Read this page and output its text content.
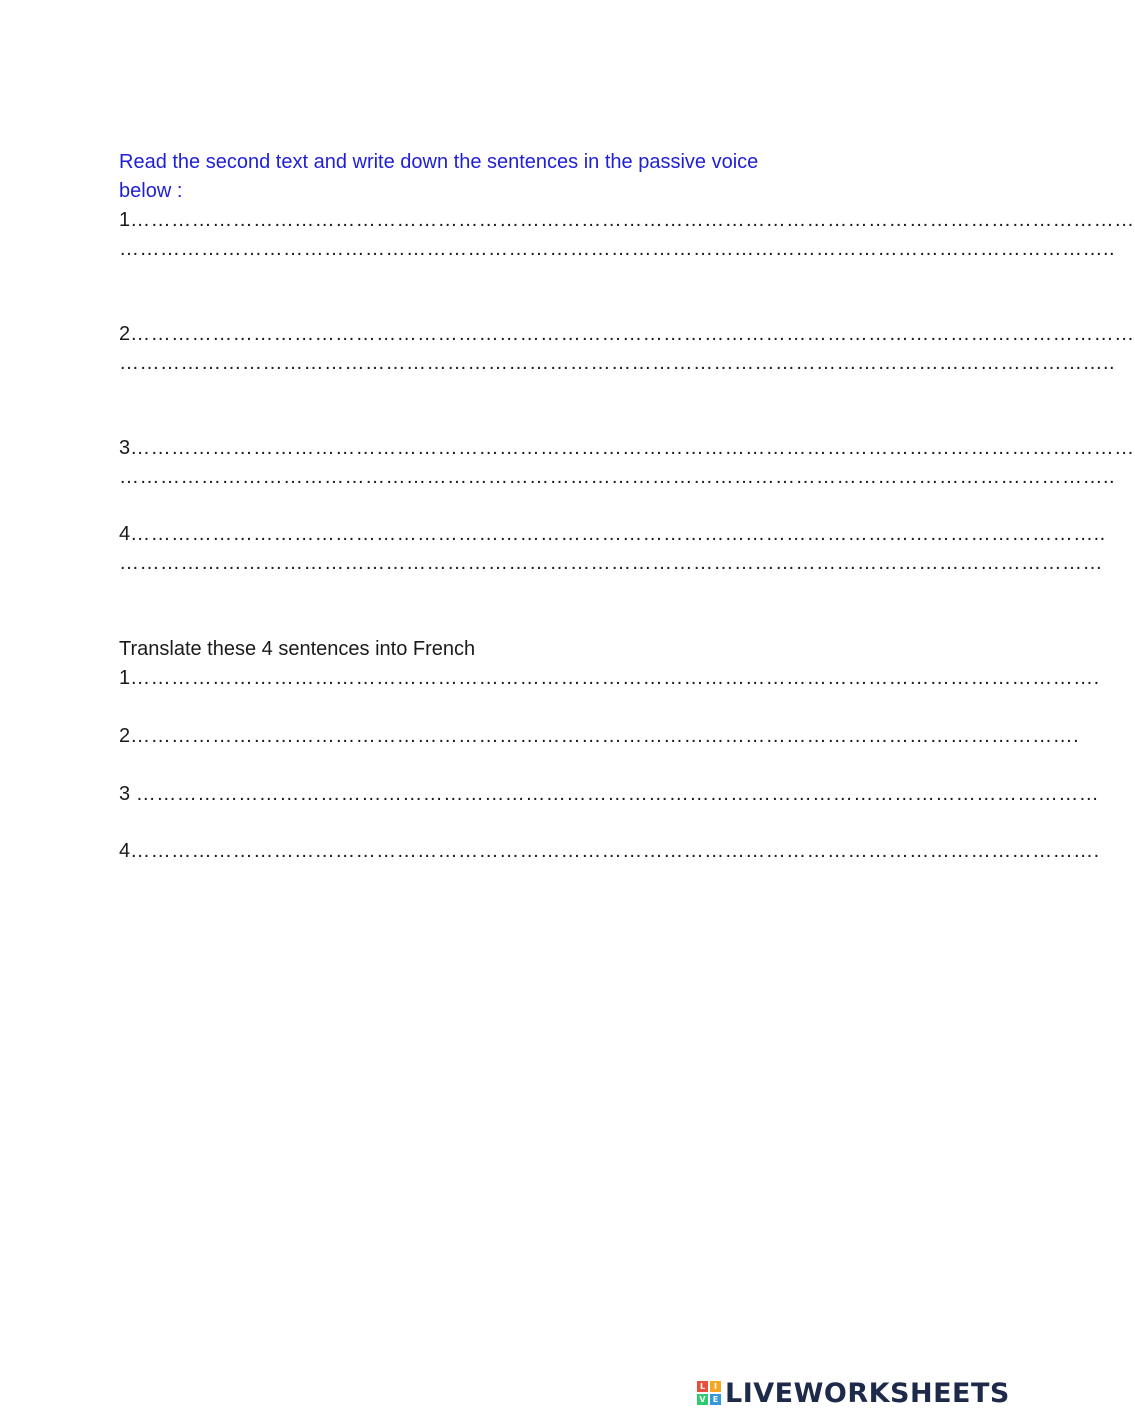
Read the second text and write down the sentences in the passive voice
below :
1…………………………………………………………………………………………………………………………………
………………………………………………………………………………………………………………………………..
2…………………………………………………………………………………………………………………………………
………………………………………………………………………………………………………………………………..
3…………………………………………………………………………………………………………………………………
………………………………………………………………………………………………………………………………..
4……………………………………………………………………………………………………………………………..
………………………………………………………………………………………………………………………………
Translate these 4 sentences into French
1…………………………………………………………………………………………………………………………….
2………………………………………………………………………………………………………………………….
3 ……………………………………………………………………………………………………………………………
4…………………………………………………………………………………………………………………………….
L	I
V E LIVEWORKSHEETS
